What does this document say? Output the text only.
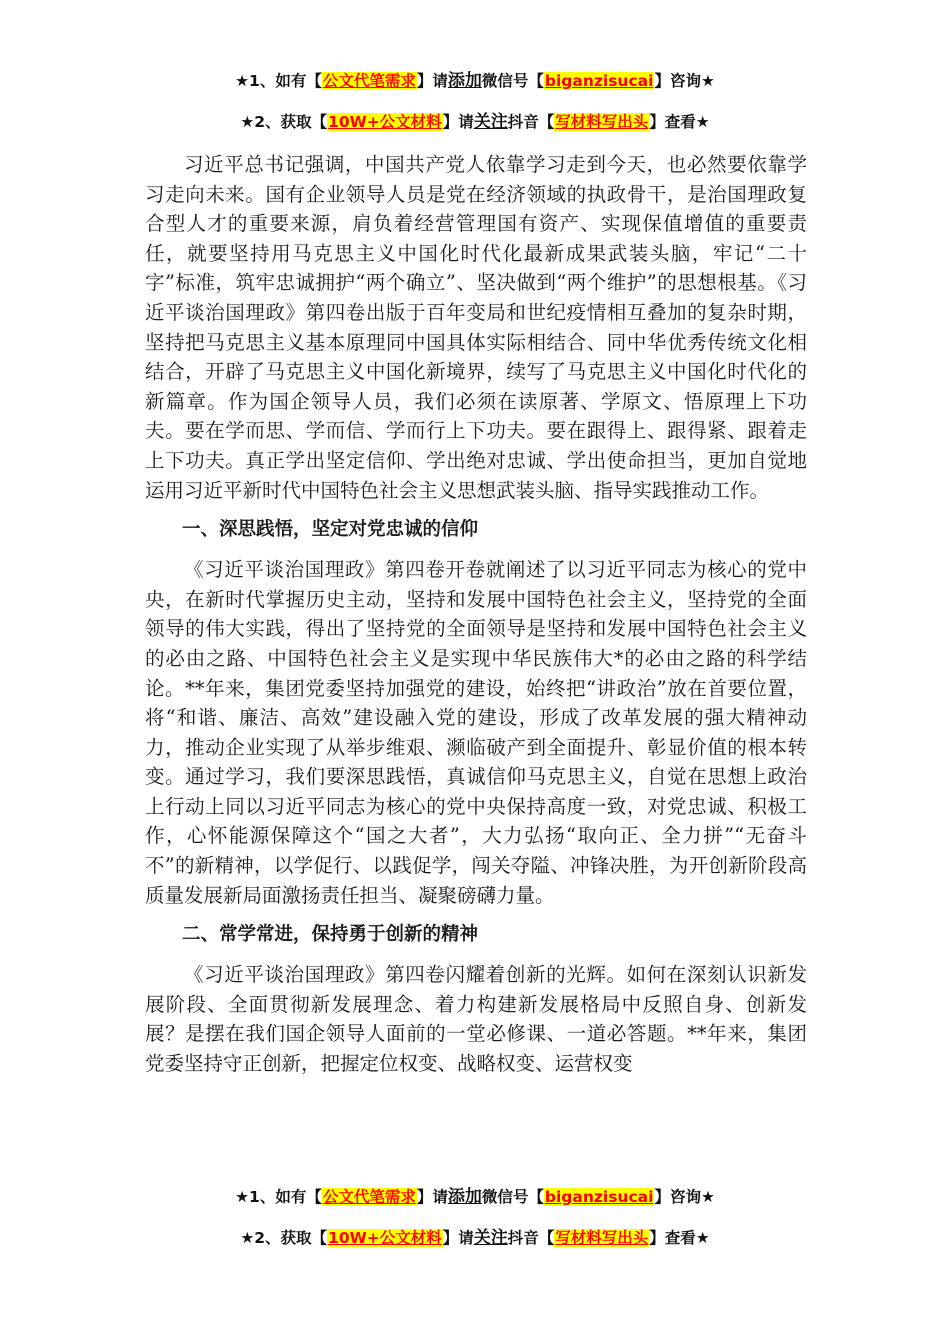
★1、如有【公文代笔需求】请添加微信号【biganzisucai】咨询★
★2、获取【10W+公文材料】请关注抖音【写材料写出头】查看★

习近平总书记强调，中国共产党人依靠学习走到今天，也必然要依靠学习走向未来。国有企业领导人员是党在经济领域的执政骨干，是治国理政复合型人才的重要来源，肩负着经营管理国有资产、实现保值增值的重要责任，就要坚持用马克思主义中国化时代化最新成果武装头脑，牢记“二十字”标准，筑牢忠诚拥护“两个确立”、坚决做到“两个维护”的思想根基。《习近平谈治国理政》第四卷出版于百年变局和世纪疫情相互叠加的复杂时期，坚持把马克思主义基本原理同中国具体实际相结合、同中华优秀传统文化相结合，开辟了马克思主义中国化新境界，续写了马克思主义中国化时代化的新篇章。作为国企领导人员，我们必须在读原著、学原文、悟原理上下功夫。要在学而思、学而信、学而行上下功夫。要在跟得上、跟得紧、跟着走上下功夫。真正学出坚定信仰、学出绝对忠诚、学出使命担当，更加自觉地运用习近平新时代中国特色社会主义思想武装头脑、指导实践推动工作。

一、深思践悟，坚定对党忠诚的信仰

《习近平谈治国理政》第四卷开卷就阐述了以习近平同志为核心的党中央，在新时代掌握历史主动，坚持和发展中国特色社会主义，坚持党的全面领导的伟大实践，得出了坚持党的全面领导是坚持和发展中国特色社会主义的必由之路、中国特色社会主义是实现中华民族伟大*的必由之路的科学结论。**年来，集团党委坚持加强党的建设，始终把“讲政治”放在首要位置，将“和谐、廉洁、高效”建设融入党的建设，形成了改革发展的强大精神动力，推动企业实现了从举步维艰、濒临破产到全面提升、彰显价值的根本转变。通过学习，我们要深思践悟，真诚信仰马克思主义，自觉在思想上政治上行动上同以习近平同志为核心的党中央保持高度一致，对党忠诚、积极工作，心怀能源保障这个“国之大者”，大力弘扬“取向正、全力拼”“无奋斗不”的新精神，以学促行、以践促学，闯关夺隘、冲锋决胜，为开创新阶段高质量发展新局面激扬责任担当、凝聚磅礴力量。

二、常学常进，保持勇于创新的精神

《习近平谈治国理政》第四卷闪耀着创新的光辉。如何在深刻认识新发展阶段、全面贯彻新发展理念、着力构建新发展格局中反照自身、创新发展？是摆在我们国企领导人面前的一堂必修课、一道必答题。**年来，集团党委坚持守正创新，把握定位权变、战略权变、运营权变

★1、如有【公文代笔需求】请添加微信号【biganzisucai】咨询★
★2、获取【10W+公文材料】请关注抖音【写材料写出头】查看★
